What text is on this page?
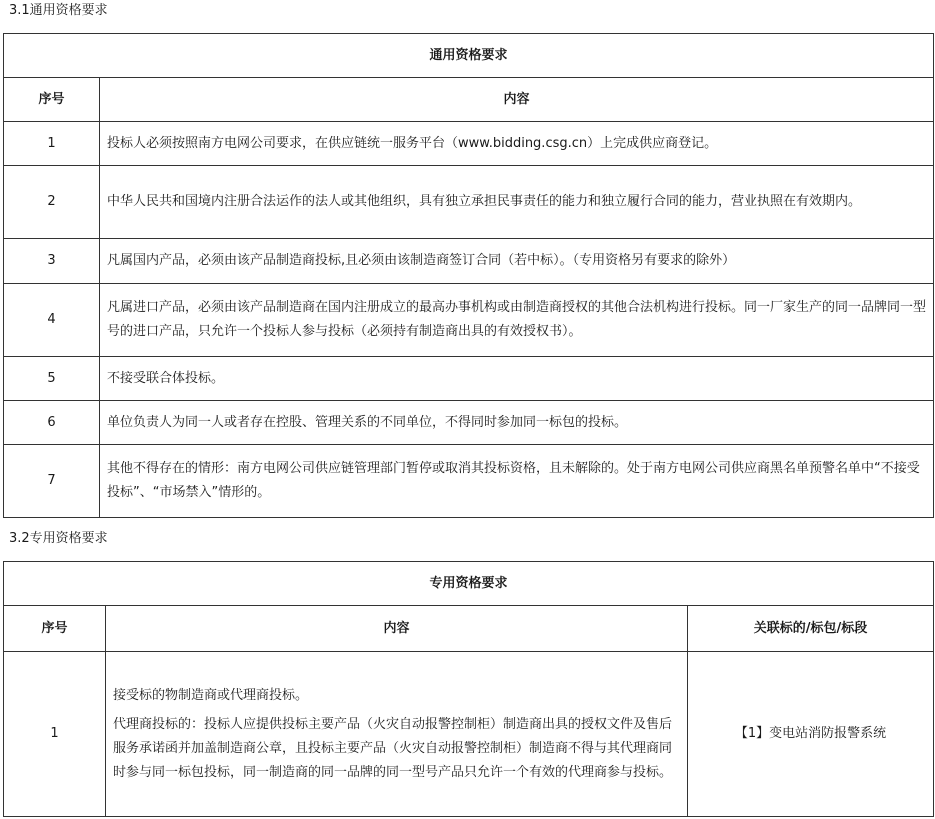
3.1通用资格要求
通用资格要求	
序号	内容
1	投标人必须按照南方电网公司要求，在供应链统一服务平台（www.bidding.csg.cn）上完成供应商登记。
2	中华人民共和国境内注册合法运作的法人或其他组织，具有独立承担民事责任的能力和独立履行合同的能力，营业执照在有效期内。
3	凡属国内产品，必须由该产品制造商投标,且必须由该制造商签订合同（若中标）。（专用资格另有要求的除外）
4	凡属进口产品，必须由该产品制造商在国内注册成立的最高办事机构或由制造商授权的其他合法机构进行投标。同一厂家生产的同一品牌同一型号的进口产品，只允许一个投标人参与投标（必须持有制造商出具的有效授权书）。
5	不接受联合体投标。
6	单位负责人为同一人或者存在控股、管理关系的不同单位，不得同时参加同一标包的投标。
7	其他不得存在的情形：南方电网公司供应链管理部门暂停或取消其投标资格，且未解除的。处于南方电网公司供应商黑名单预警名单中“不接受投标”、“市场禁入”情形的。
3.2专用资格要求
专用资格要求		
序号	内容	关联标的/标包/标段
1	接受标的物制造商或代理商投标。

代理商投标的：投标人应提供投标主要产品（火灾自动报警控制柜）制造商出具的授权文件及售后服务承诺函并加盖制造商公章，且投标主要产品（火灾自动报警控制柜）制造商不得与其代理商同时参与同一标包投标，同一制造商的同一品牌的同一型号产品只允许一个有效的代理商参与投标。	【1】变电站消防报警系统
